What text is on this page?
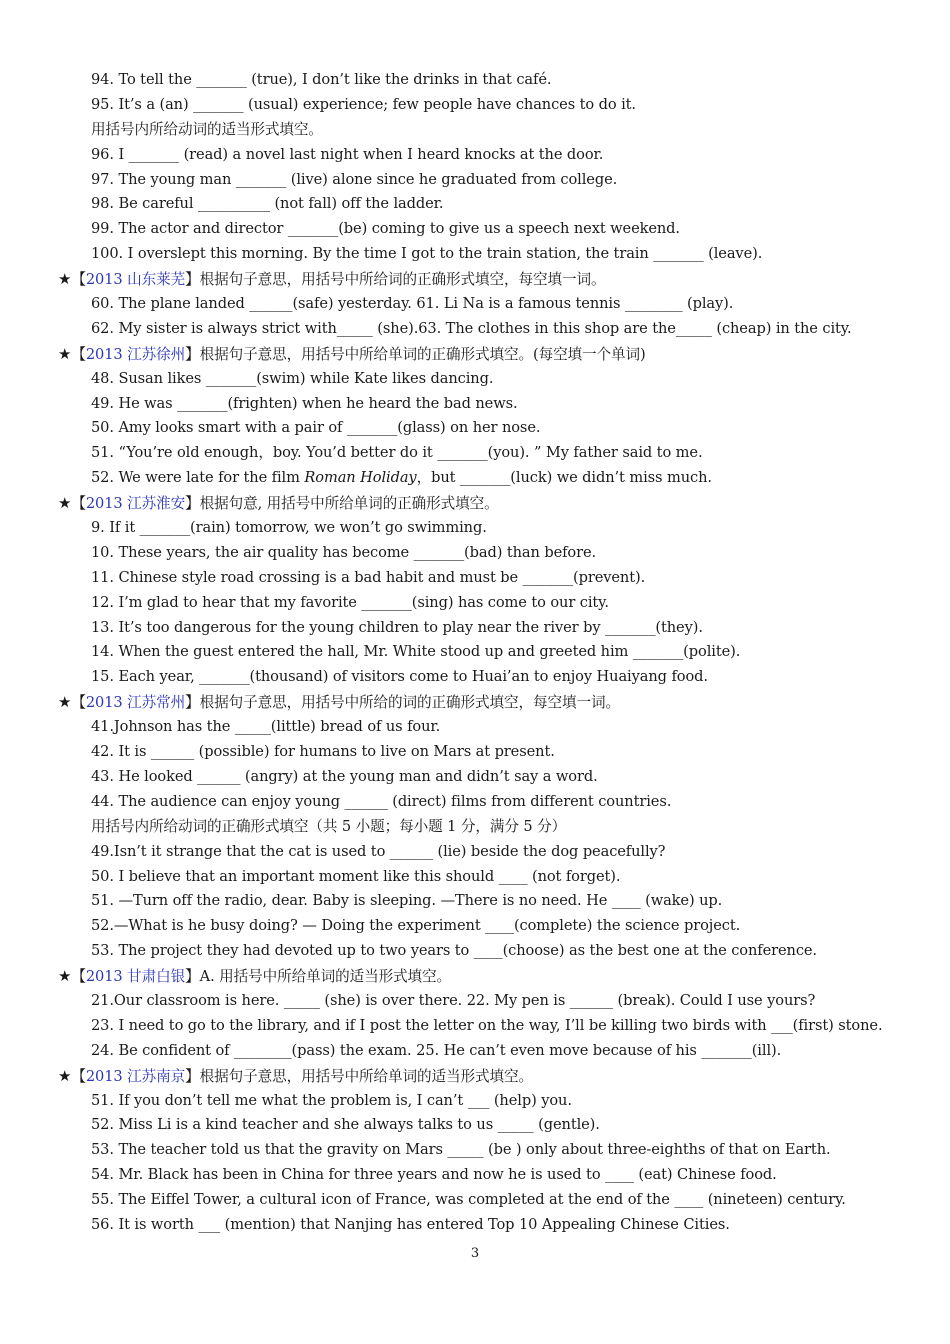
94. To tell the _______ (true), I don’t like the drinks in that café.
95. It’s a (an) _______ (usual) experience; few people have chances to do it.
用括号内所给动词的适当形式填空。
96. I _______ (read) a novel last night when I heard knocks at the door.
97. The young man _______ (live) alone since he graduated from college.
98. Be careful __________ (not fall) off the ladder.
99. The actor and director _______(be) coming to give us a speech next weekend.
100. I overslept this morning. By the time I got to the train station, the train _______ (leave).
★【2013 山东莱芜】根据句子意思，用括号中所给词的正确形式填空，每空填一词。
60. The plane landed ______(safe) yesterday. 61. Li Na is a famous tennis ________ (play).
62. My sister is always strict with_____ (she).63. The clothes in this shop are the_____ (cheap) in the city.
★【2013 江苏徐州】根据句子意思，用括号中所给单词的正确形式填空。(每空填一个单词)
48. Susan likes _______(swim) while Kate likes dancing.
49. He was _______(frighten) when he heard the bad news.
50. Amy looks smart with a pair of _______(glass) on her nose.
51. “You’re old enough，boy. You’d better do it _______(you). ” My father said to me.
52. We were late for the film Roman Holiday，but _______(luck) we didn’t miss much.
★【2013 江苏淮安】根据句意, 用括号中所给单词的正确形式填空。
9. If it _______(rain) tomorrow, we won’t go swimming.
10. These years, the air quality has become _______(bad) than before.
11. Chinese style road crossing is a bad habit and must be _______(prevent).
12. I’m glad to hear that my favorite _______(sing) has come to our city.
13. It’s too dangerous for the young children to play near the river by _______(they).
14. When the guest entered the hall, Mr. White stood up and greeted him _______(polite).
15. Each year, _______(thousand) of visitors come to Huai’an to enjoy Huaiyang food.
★【2013 江苏常州】根据句子意思，用括号中所给的词的正确形式填空，每空填一词。
41.Johnson has the _____(little) bread of us four.
42. It is ______ (possible) for humans to live on Mars at present.
43. He looked ______ (angry) at the young man and didn’t say a word.
44. The audience can enjoy young ______ (direct) films from different countries.
用括号内所给动词的正确形式填空（共 5 小题；每小题 1 分，满分 5 分）
49.Isn’t it strange that the cat is used to ______ (lie) beside the dog peacefully?
50. I believe that an important moment like this should ____ (not forget).
51. —Turn off the radio, dear. Baby is sleeping. —There is no need. He ____ (wake) up.
52.—What is he busy doing? — Doing the experiment ____(complete) the science project.
53. The project they had devoted up to two years to ____(choose) as the best one at the conference.
★【2013 甘肃白银】A. 用括号中所给单词的适当形式填空。
21.Our classroom is here. _____ (she) is over there. 22. My pen is ______ (break). Could I use yours?
23. I need to go to the library, and if I post the letter on the way, I’ll be killing two birds with ___(first) stone.
24. Be confident of ________(pass) the exam. 25. He can’t even move because of his _______(ill).
★【2013 江苏南京】根据句子意思，用括号中所给单词的适当形式填空。
51. If you don’t tell me what the problem is, I can’t ___ (help) you.
52. Miss Li is a kind teacher and she always talks to us _____ (gentle).
53. The teacher told us that the gravity on Mars _____ (be ) only about three-eighths of that on Earth.
54. Mr. Black has been in China for three years and now he is used to ____ (eat) Chinese food.
55. The Eiffel Tower, a cultural icon of France, was completed at the end of the ____ (nineteen) century.
56. It is worth ___ (mention) that Nanjing has entered Top 10 Appealing Chinese Cities.
3
